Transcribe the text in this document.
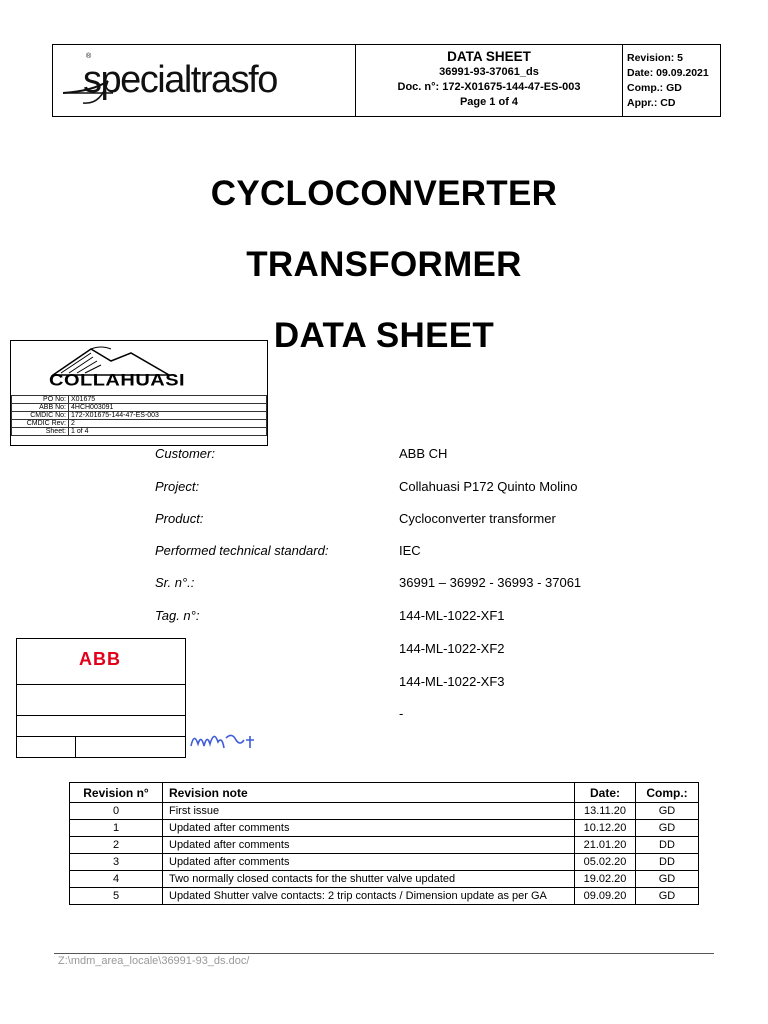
®
specialtrasfo
DATA SHEET
36991-93-37061_ds
Doc. n°: 172-X01675-144-47-ES-003
Page 1 of 4
Revision: 5
Date: 09.09.2021
Comp.: GD
Appr.: CD
CYCLOCONVERTER
TRANSFORMER
DATA SHEET
COLLAHUASI
PO No:	X01675
ABB No:	4HCH003091
CMDIC No:	172-X01675-144-47-ES-003
CMDIC Rev:	2
Sheet:	1 of 4
Customer:	ABB CH
Project:	Collahuasi P172 Quinto Molino
Product:	Cycloconverter transformer
Performed technical standard:	IEC
Sr. n°.:	36991 – 36992 - 36993 - 37061
Tag. n°:	144-ML-1022-XF1
144-ML-1022-XF2
144-ML-1022-XF3
-
ABB
Revision n°	Revision note	Date:	Comp.:
0	First issue	13.11.20	GD
1	Updated after comments	10.12.20	GD
2	Updated after comments	21.01.20	DD
3	Updated after comments	05.02.20	DD
4	Two normally closed contacts for the shutter valve updated	19.02.20	GD
5	Updated Shutter valve contacts: 2 trip contacts / Dimension update as per GA	09.09.20	GD
Z:\mdm_area_locale\36991-93_ds.doc/
